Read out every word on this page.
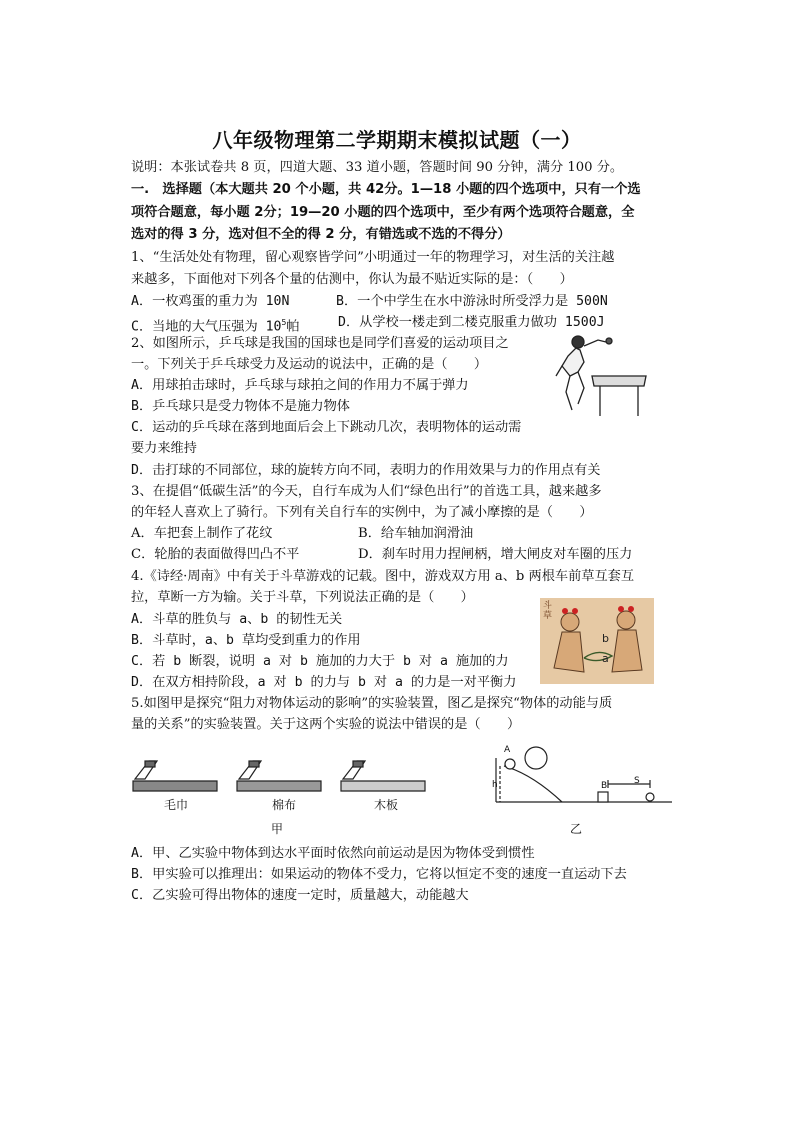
八年级物理第二学期期末模拟试题（一）
说明：本张试卷共 8 页，四道大题、33 道小题，答题时间 90 分钟，满分 100 分。
一.　选择题（本大题共 20 个小题，共 42分。1—18 小题的四个选项中，只有一个选
项符合题意，每小题 2分；19—20 小题的四个选项中，至少有两个选项符合题意，全
选对的得 3 分，选对但不全的得 2 分，有错选或不选的不得分）
1、“生活处处有物理，留心观察皆学问”小明通过一年的物理学习，对生活的关注越
来越多，下面他对下列各个量的估测中，你认为最不贴近实际的是：（　　）
A．一枚鸡蛋的重力为 10N	B．一个中学生在水中游泳时所受浮力是 500N
C．当地的大气压强为 $10^5$帕	D．从学校一楼走到二楼克服重力做功 1500J
2、如图所示，乒乓球是我国的国球也是同学们喜爱的运动项目之
一。下列关于乒乓球受力及运动的说法中，正确的是（　　）
A．用球拍击球时，乒乓球与球拍之间的作用力不属于弹力
B．乒乓球只是受力物体不是施力物体
C．运动的乒乓球在落到地面后会上下跳动几次，表明物体的运动需
要力来维持
D．击打球的不同部位，球的旋转方向不同，表明力的作用效果与力的作用点有关
3、在提倡“低碳生活”的今天，自行车成为人们“绿色出行”的首选工具，越来越多
的年轻人喜欢上了骑行。下列有关自行车的实例中，为了减小摩擦的是（　　）
A．车把套上制作了花纹	B．给车轴加润滑油
C．轮胎的表面做得凹凸不平	D．刹车时用力捏闸柄，增大闸皮对车圈的压力
4.《诗经·周南》中有关于斗草游戏的记载。图中，游戏双方用 a、b 两根车前草互套互
拉，草断一方为输。关于斗草，下列说法正确的是（　　）
A．斗草的胜负与 a、b 的韧性无关
B．斗草时，a、b 草均受到重力的作用
C．若 b 断裂，说明 a 对 b 施加的力大于 b 对 a 施加的力
D．在双方相持阶段，a 对 b 的力与 b 对 a 的力是一对平衡力
斗草
b
a
5.如图甲是探究“阻力对物体运动的影响”的实验装置，图乙是探究“物体的动能与质
量的关系”的实验装置。关于这两个实验的说法中错误的是（　　）
毛巾	棉布	木板
甲
A
h	B	S
乙
A．甲、乙实验中物体到达水平面时依然向前运动是因为物体受到惯性
B．甲实验可以推理出：如果运动的物体不受力，它将以恒定不变的速度一直运动下去
C．乙实验可得出物体的速度一定时，质量越大，动能越大
